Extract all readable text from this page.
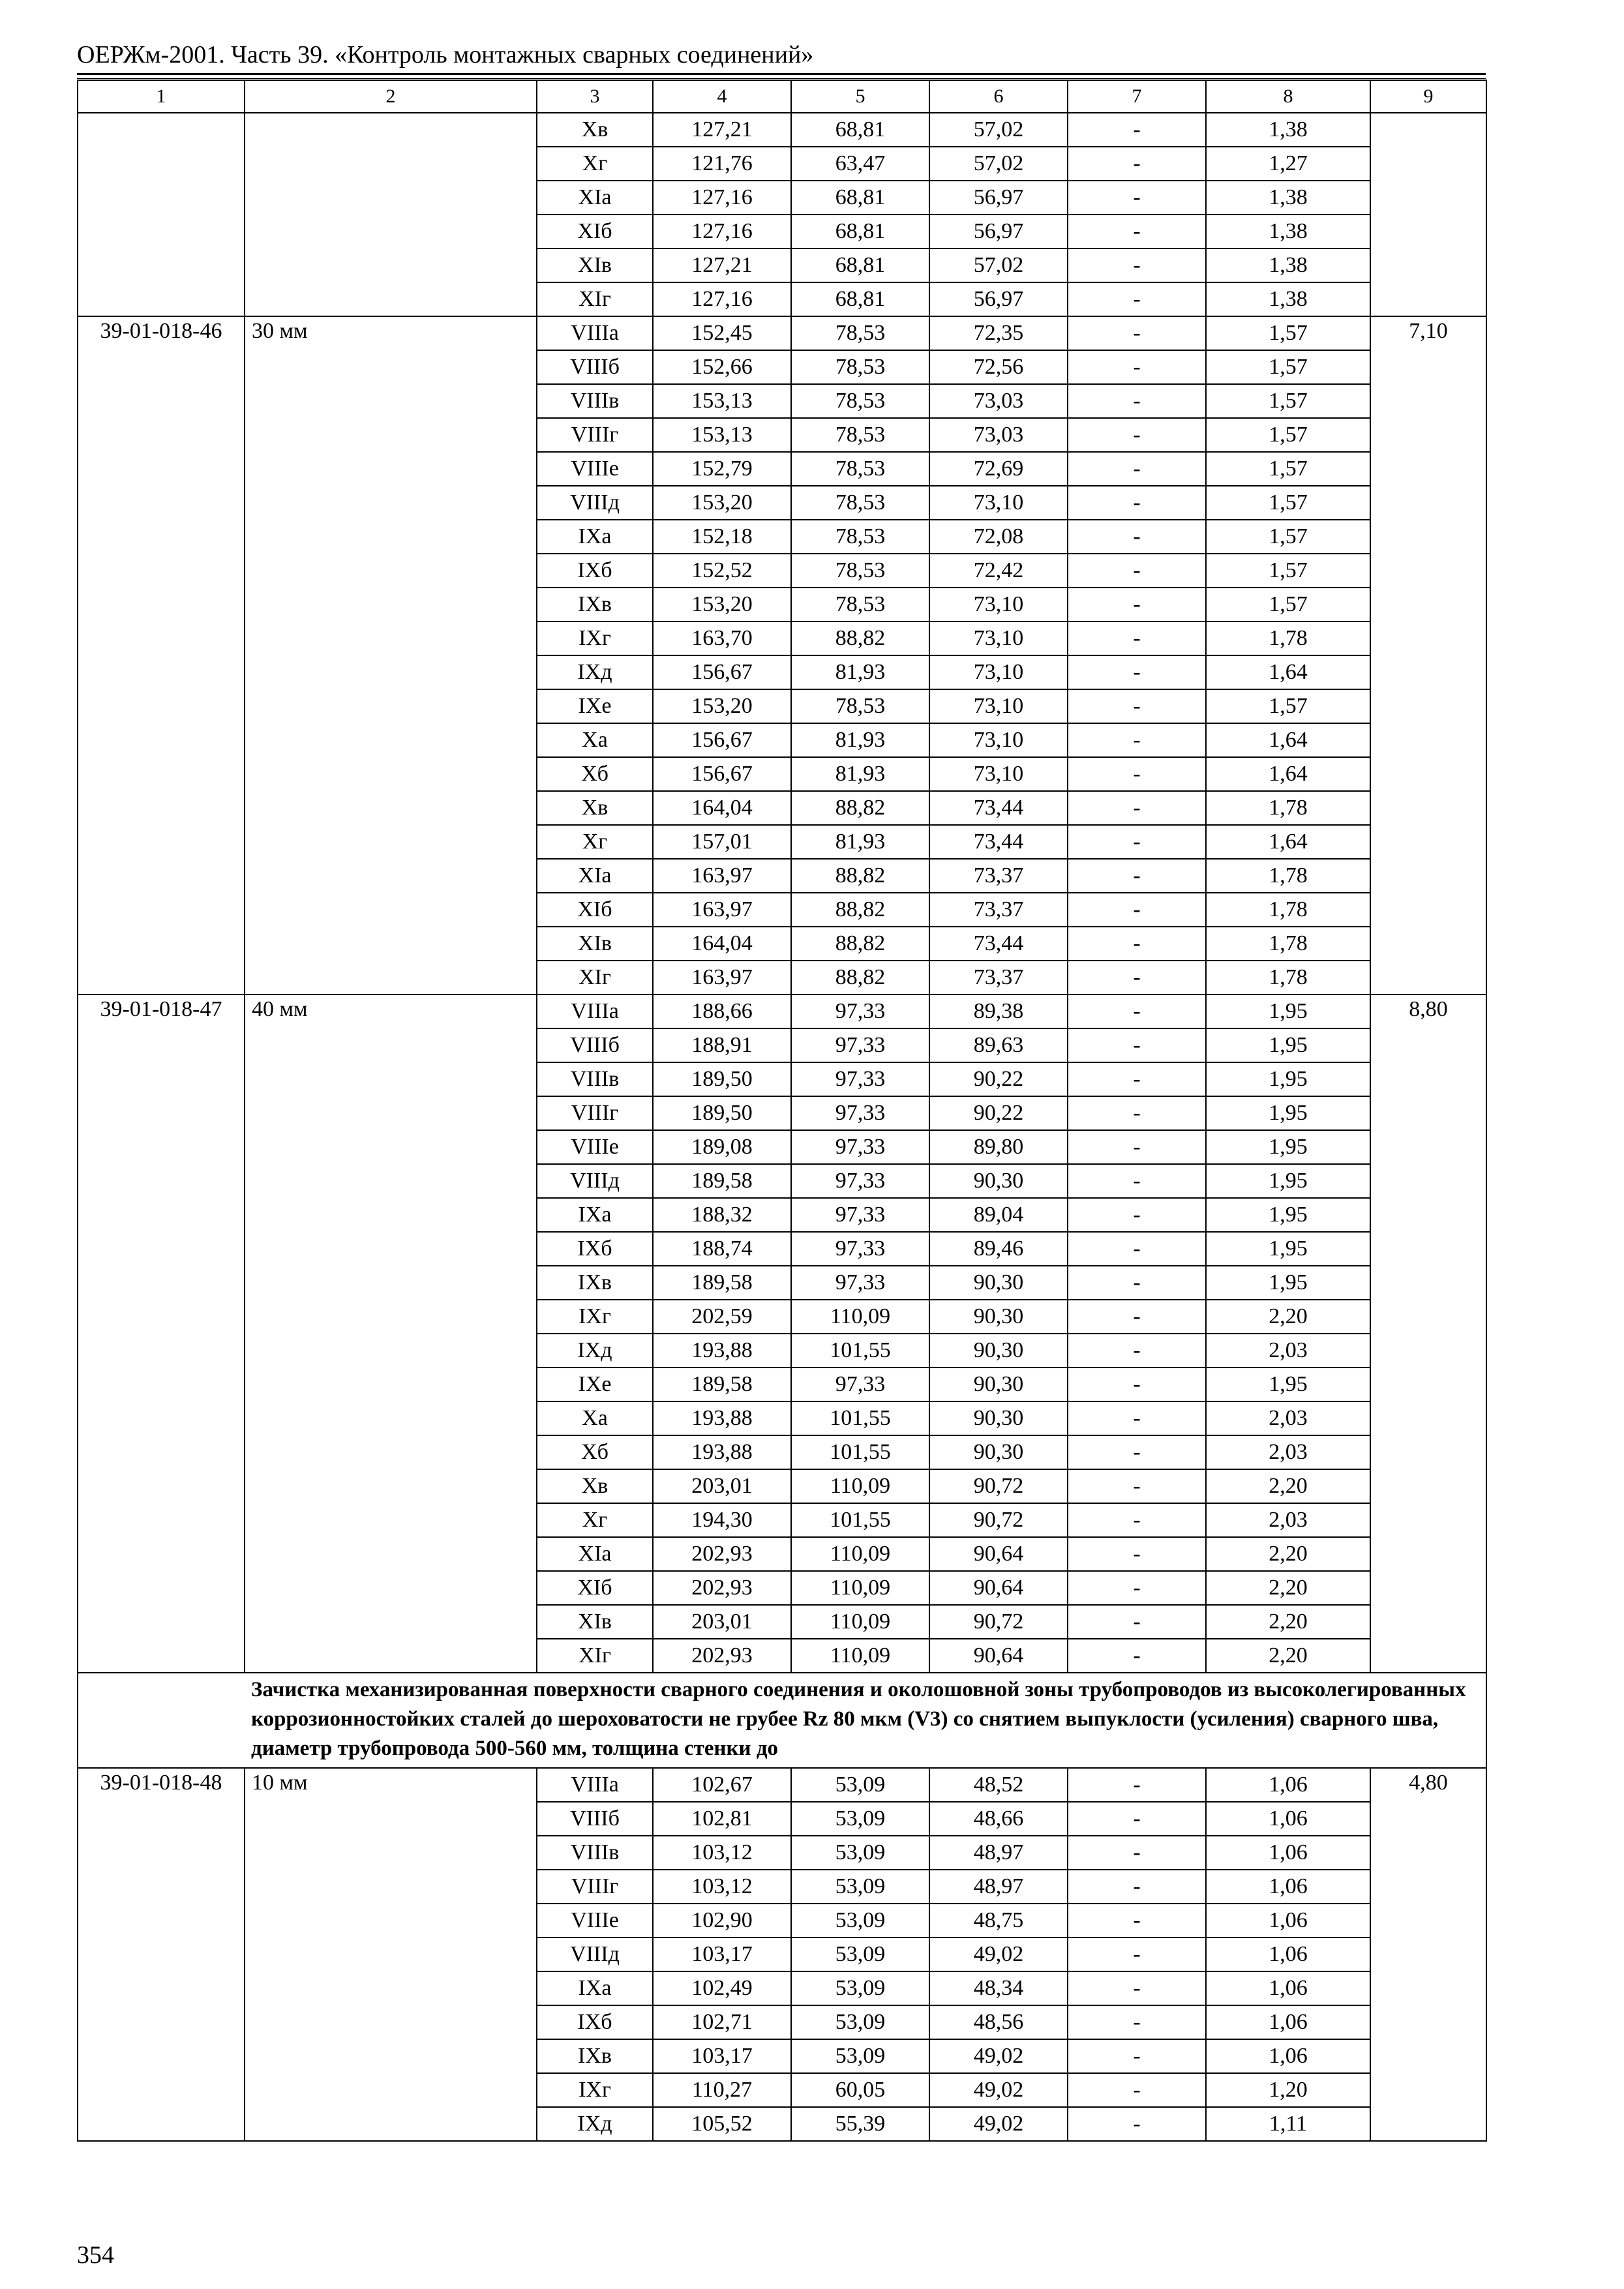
ОЕРЖм-2001. Часть 39. «Контроль монтажных сварных соединений»
1	2	3	4	5	6	7	8	9
		Хв	127,21	68,81	57,02	-	1,38	
		Хг	121,76	63,47	57,02	-	1,27	
		ХIа	127,16	68,81	56,97	-	1,38	
		ХIб	127,16	68,81	56,97	-	1,38	
		ХIв	127,21	68,81	57,02	-	1,38	
		ХIг	127,16	68,81	56,97	-	1,38	
39-01-018-46	30 мм	VIIIа	152,45	78,53	72,35	-	1,57	7,10
		VIIIб	152,66	78,53	72,56	-	1,57	
		VIIIв	153,13	78,53	73,03	-	1,57	
		VIIIг	153,13	78,53	73,03	-	1,57	
		VIIIе	152,79	78,53	72,69	-	1,57	
		VIIIд	153,20	78,53	73,10	-	1,57	
		IХа	152,18	78,53	72,08	-	1,57	
		IХб	152,52	78,53	72,42	-	1,57	
		IХв	153,20	78,53	73,10	-	1,57	
		IХг	163,70	88,82	73,10	-	1,78	
		IХд	156,67	81,93	73,10	-	1,64	
		IХе	153,20	78,53	73,10	-	1,57	
		Ха	156,67	81,93	73,10	-	1,64	
		Хб	156,67	81,93	73,10	-	1,64	
		Хв	164,04	88,82	73,44	-	1,78	
		Хг	157,01	81,93	73,44	-	1,64	
		ХIа	163,97	88,82	73,37	-	1,78	
		ХIб	163,97	88,82	73,37	-	1,78	
		ХIв	164,04	88,82	73,44	-	1,78	
		ХIг	163,97	88,82	73,37	-	1,78	
39-01-018-47	40 мм	VIIIа	188,66	97,33	89,38	-	1,95	8,80
		VIIIб	188,91	97,33	89,63	-	1,95	
		VIIIв	189,50	97,33	90,22	-	1,95	
		VIIIг	189,50	97,33	90,22	-	1,95	
		VIIIе	189,08	97,33	89,80	-	1,95	
		VIIIд	189,58	97,33	90,30	-	1,95	
		IХа	188,32	97,33	89,04	-	1,95	
		IХб	188,74	97,33	89,46	-	1,95	
		IХв	189,58	97,33	90,30	-	1,95	
		IХг	202,59	110,09	90,30	-	2,20	
		IХд	193,88	101,55	90,30	-	2,03	
		IХе	189,58	97,33	90,30	-	1,95	
		Ха	193,88	101,55	90,30	-	2,03	
		Хб	193,88	101,55	90,30	-	2,03	
		Хв	203,01	110,09	90,72	-	2,20	
		Хг	194,30	101,55	90,72	-	2,03	
		ХIа	202,93	110,09	90,64	-	2,20	
		ХIб	202,93	110,09	90,64	-	2,20	
		ХIв	203,01	110,09	90,72	-	2,20	
		ХIг	202,93	110,09	90,64	-	2,20	
	Зачистка механизированная поверхности сварного соединения и околошовной зоны трубопроводов из высоколегированных коррозионностойких сталей до шероховатости не грубее Rz 80 мкм (V3) со снятием выпуклости (усиления) сварного шва, диаметр трубопровода 500-560 мм, толщина стенки до							
39-01-018-48	10 мм	VIIIа	102,67	53,09	48,52	-	1,06	4,80
		VIIIб	102,81	53,09	48,66	-	1,06	
		VIIIв	103,12	53,09	48,97	-	1,06	
		VIIIг	103,12	53,09	48,97	-	1,06	
		VIIIе	102,90	53,09	48,75	-	1,06	
		VIIIд	103,17	53,09	49,02	-	1,06	
		IХа	102,49	53,09	48,34	-	1,06	
		IХб	102,71	53,09	48,56	-	1,06	
		IХв	103,17	53,09	49,02	-	1,06	
		IХг	110,27	60,05	49,02	-	1,20	
		IХд	105,52	55,39	49,02	-	1,11	
354
